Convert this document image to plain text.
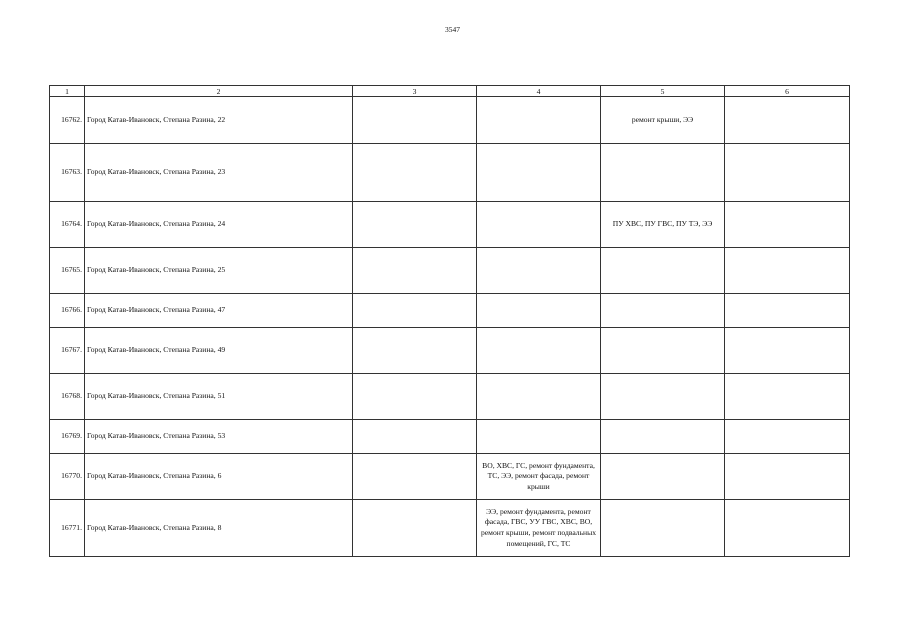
3547
1	2	3	4	5	6
16762.	Город Катав-Ивановск, Степана Разина, 22			ремонт крыши, ЭЭ	
16763.	Город Катав-Ивановск, Степана Разина, 23				
16764.	Город Катав-Ивановск, Степана Разина, 24			ПУ ХВС, ПУ ГВС, ПУ ТЭ, ЭЭ	
16765.	Город Катав-Ивановск, Степана Разина, 25				
16766.	Город Катав-Ивановск, Степана Разина, 47				
16767.	Город Катав-Ивановск, Степана Разина, 49				
16768.	Город Катав-Ивановск, Степана Разина, 51				
16769.	Город Катав-Ивановск, Степана Разина, 53				
16770.	Город Катав-Ивановск, Степана Разина, 6		ВО, ХВС, ГС, ремонт фундамента, ТС, ЭЭ, ремонт фасада, ремонт крыши		
16771.	Город Катав-Ивановск, Степана Разина, 8		ЭЭ, ремонт фундамента, ремонт фасада, ГВС, УУ ГВС, ХВС, ВО, ремонт крыши, ремонт подвальных помещений, ГС, ТС		
